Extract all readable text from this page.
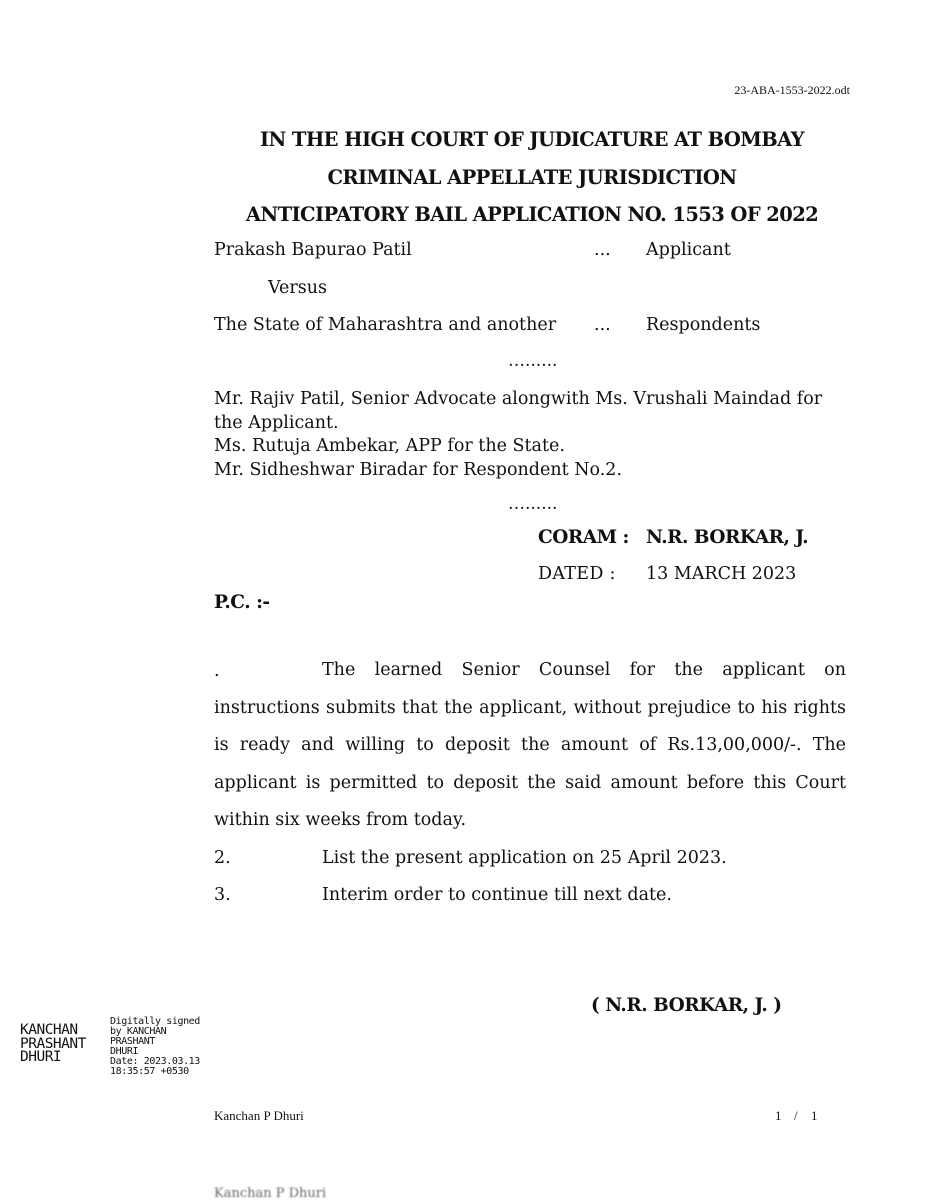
23-ABA-1553-2022.odt
IN THE HIGH COURT OF JUDICATURE AT BOMBAY
CRIMINAL APPELLATE JURISDICTION
ANTICIPATORY BAIL APPLICATION NO. 1553 OF 2022
Prakash Bapurao Patil	... Applicant
Versus
The State of Maharashtra and another ... Respondents
…......
Mr. Rajiv Patil, Senior Advocate alongwith Ms. Vrushali Maindad for the Applicant.
Ms. Rutuja Ambekar, APP for the State.
Mr. Sidheshwar Biradar for Respondent No.2.
…......
CORAM : N.R. BORKAR, J.
DATED : 13 MARCH 2023
P.C. :-
.	The learned Senior Counsel for the applicant on instructions submits that the applicant, without prejudice to his rights is ready and willing to deposit the amount of Rs.13,00,000/-. The applicant is permitted to deposit the said amount before this Court within six weeks from today.

2.	List the present application on 25 April 2023.
3.	Interim order to continue till next date.
( N.R. BORKAR, J. )
KANCHAN
PRASHANT
DHURI
Digitally signed
by KANCHAN
PRASHANT
DHURI
Date: 2023.03.13
18:35:57 +0530
Kanchan P Dhuri	1 / 1
Kanchan P Dhuri
